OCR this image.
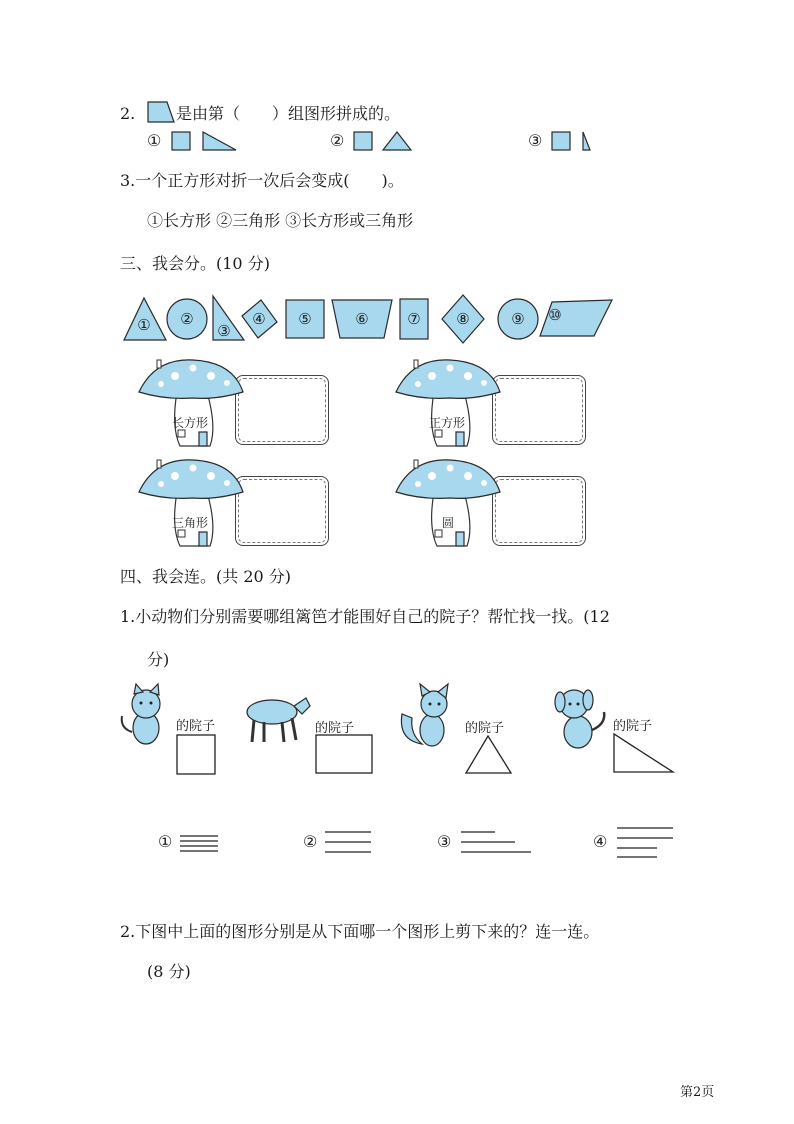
2.	是由第（　　）组图形拼成的。
①	②	③
3.一个正方形对折一次后会变成(　　)。
①长方形 ②三角形 ③长方形或三角形
三、我会分。(10 分)
① ②
③
④ ⑤	⑥	⑦ ⑧	⑨ ⑩
长方形	正方形
三角形	圆
四、我会连。(共 20 分)
1.小动物们分别需要哪组篱笆才能围好自己的院子？帮忙找一找。(12
分)
的院子	的院子	的院子	的院子
①	②	③	④
2.下图中上面的图形分别是从下面哪一个图形上剪下来的？连一连。
(8 分)
第2页
